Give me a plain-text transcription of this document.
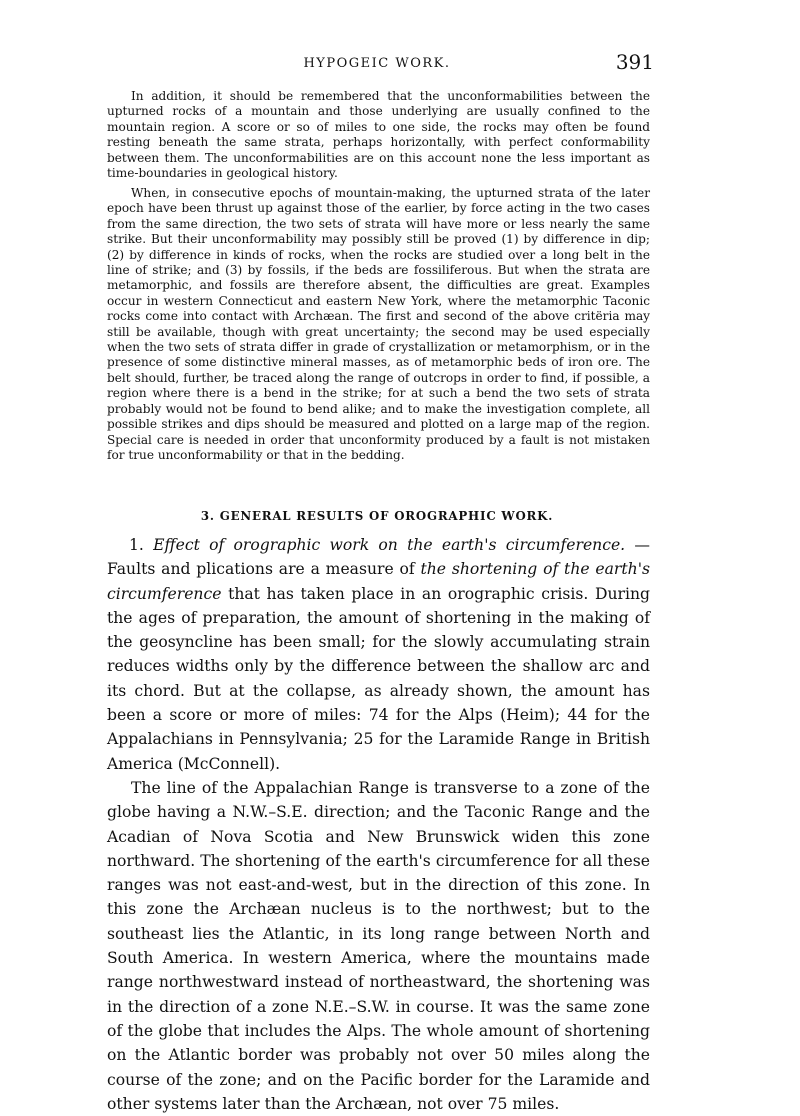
HYPOGEIC WORK.	391

In addition, it should be remembered that the unconformabilities between the upturned rocks of a mountain and those underlying are usually confined to the mountain region. A score or so of miles to one side, the rocks may often be found resting beneath the same strata, perhaps horizontally, with perfect conformability between them. The unconformabilities are on this account none the less important as time-boundaries in geological history.

When, in consecutive epochs of mountain-making, the upturned strata of the later epoch have been thrust up against those of the earlier, by force acting in the two cases from the same direction, the two sets of strata will have more or less nearly the same strike. But their unconformability may possibly still be proved (1) by difference in dip; (2) by difference in kinds of rocks, when the rocks are studied over a long belt in the line of strike; and (3) by fossils, if the beds are fossiliferous. But when the strata are metamorphic, and fossils are therefore absent, the difficulties are great. Examples occur in western Connecticut and eastern New York, where the metamorphic Taconic rocks come into contact with Archæan. The first and second of the above critëria may still be available, though with great uncertainty; the second may be used especially when the two sets of strata differ in grade of crystallization or metamorphism, or in the presence of some distinctive mineral masses, as of metamorphic beds of iron ore. The belt should, further, be traced along the range of outcrops in order to find, if possible, a region where there is a bend in the strike; for at such a bend the two sets of strata probably would not be found to bend alike; and to make the investigation complete, all possible strikes and dips should be measured and plotted on a large map of the region. Special care is needed in order that unconformity produced by a fault is not mistaken for true unconformability or that in the bedding.

3. GENERAL RESULTS OF OROGRAPHIC WORK.

1. Effect of orographic work on the earth's circumference. — Faults and plications are a measure of the shortening of the earth's circumference that has taken place in an orographic crisis. During the ages of preparation, the amount of shortening in the making of the geosyncline has been small; for the slowly accumulating strain reduces widths only by the difference between the shallow arc and its chord. But at the collapse, as already shown, the amount has been a score or more of miles: 74 for the Alps (Heim); 44 for the Appalachians in Pennsylvania; 25 for the Laramide Range in British America (McConnell).

The line of the Appalachian Range is transverse to a zone of the globe having a N.W.–S.E. direction; and the Taconic Range and the Acadian of Nova Scotia and New Brunswick widen this zone northward. The shortening of the earth's circumference for all these ranges was not east-and-west, but in the direction of this zone. In this zone the Archæan nucleus is to the northwest; but to the southeast lies the Atlantic, in its long range between North and South America. In western America, where the mountains made range northwestward instead of northeastward, the shortening was in the direction of a zone N.E.–S.W. in course. It was the same zone of the globe that includes the Alps. The whole amount of shortening on the Atlantic border was probably not over 50 miles along the course of the zone; and on the Pacific border for the Laramide and other systems later than the Archæan, not over 75 miles.
